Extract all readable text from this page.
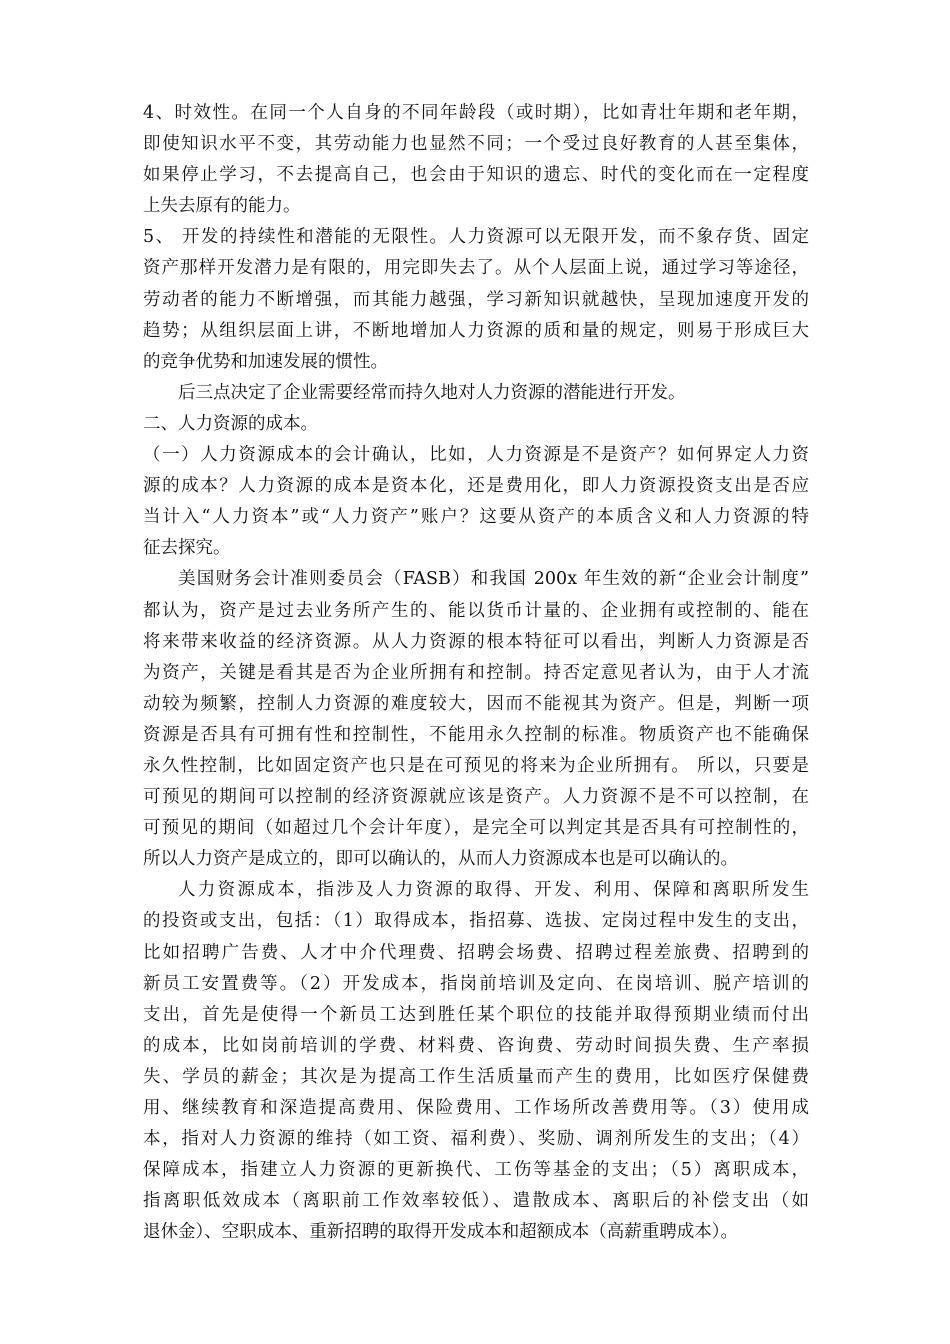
4、时效性。在同一个人自身的不同年龄段（或时期），比如青壮年期和老年期，
即使知识水平不变，其劳动能力也显然不同；一个受过良好教育的人甚至集体，
如果停止学习，不去提高自己，也会由于知识的遗忘、时代的变化而在一定程度
上失去原有的能力。
5、 开发的持续性和潜能的无限性。人力资源可以无限开发，而不象存货、固定
资产那样开发潜力是有限的，用完即失去了。从个人层面上说，通过学习等途径，
劳动者的能力不断增强，而其能力越强，学习新知识就越快，呈现加速度开发的
趋势；从组织层面上讲，不断地增加人力资源的质和量的规定，则易于形成巨大
的竞争优势和加速发展的惯性。
后三点决定了企业需要经常而持久地对人力资源的潜能进行开发。
二、人力资源的成本。
（一）人力资源成本的会计确认，比如，人力资源是不是资产？如何界定人力资
源的成本？人力资源的成本是资本化，还是费用化，即人力资源投资支出是否应
当计入“人力资本”或“人力资产”账户？这要从资产的本质含义和人力资源的特
征去探究。
美国财务会计准则委员会（FASB）和我国 200x 年生效的新“企业会计制度”
都认为，资产是过去业务所产生的、能以货币计量的、企业拥有或控制的、能在
将来带来收益的经济资源。从人力资源的根本特征可以看出，判断人力资源是否
为资产，关键是看其是否为企业所拥有和控制。持否定意见者认为，由于人才流
动较为频繁，控制人力资源的难度较大，因而不能视其为资产。但是，判断一项
资源是否具有可拥有性和控制性，不能用永久控制的标准。物质资产也不能确保
永久性控制，比如固定资产也只是在可预见的将来为企业所拥有。 所以，只要是
可预见的期间可以控制的经济资源就应该是资产。人力资源不是不可以控制，在
可预见的期间（如超过几个会计年度），是完全可以判定其是否具有可控制性的，
所以人力资产是成立的，即可以确认的，从而人力资源成本也是可以确认的。
人力资源成本，指涉及人力资源的取得、开发、利用、保障和离职所发生
的投资或支出，包括：（1）取得成本，指招募、选拔、定岗过程中发生的支出，
比如招聘广告费、人才中介代理费、招聘会场费、招聘过程差旅费、招聘到的
新员工安置费等。（2）开发成本，指岗前培训及定向、在岗培训、脱产培训的
支出，首先是使得一个新员工达到胜任某个职位的技能并取得预期业绩而付出
的成本，比如岗前培训的学费、材料费、咨询费、劳动时间损失费、生产率损
失、学员的薪金；其次是为提高工作生活质量而产生的费用，比如医疗保健费
用、继续教育和深造提高费用、保险费用、工作场所改善费用等。（3）使用成
本，指对人力资源的维持（如工资、福利费）、奖励、调剂所发生的支出；（4）
保障成本，指建立人力资源的更新换代、工伤等基金的支出；（5）离职成本，
指离职低效成本（离职前工作效率较低）、遣散成本、离职后的补偿支出（如
退休金）、空职成本、重新招聘的取得开发成本和超额成本（高薪重聘成本）。
